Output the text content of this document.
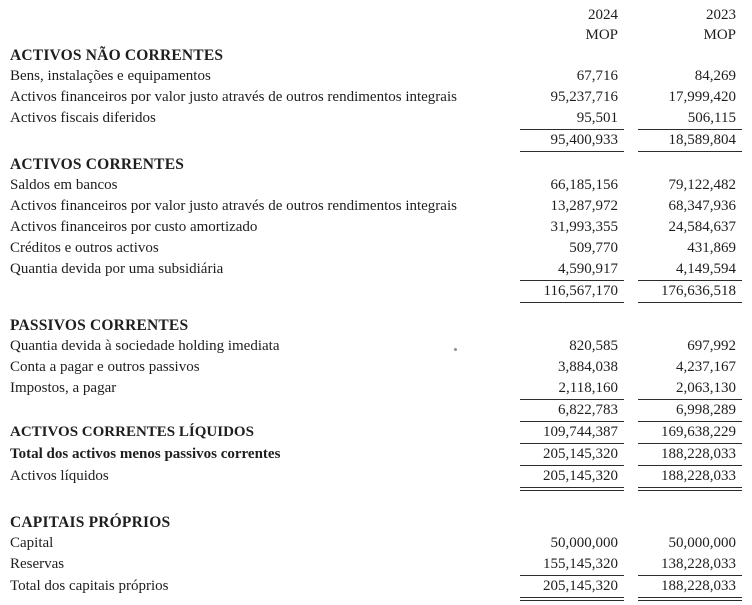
2024	2023
MOP	MOP
ACTIVOS NÃO CORRENTES
Bens, instalações e equipamentos	67,716	84,269
Activos financeiros por valor justo através de outros rendimentos integrais	95,237,716	17,999,420
Activos fiscais diferidos	95,501	506,115
95,400,933	18,589,804
ACTIVOS CORRENTES
Saldos em bancos	66,185,156	79,122,482
Activos financeiros por valor justo através de outros rendimentos integrais	13,287,972	68,347,936
Activos financeiros por custo amortizado	31,993,355	24,584,637
Créditos e outros activos	509,770	431,869
Quantia devida por uma subsidiária	4,590,917	4,149,594
116,567,170	176,636,518
PASSIVOS CORRENTES
Quantia devida à sociedade holding imediata	820,585	697,992
Conta a pagar e outros passivos	3,884,038	4,237,167
Impostos, a pagar	2,118,160	2,063,130
6,822,783	6,998,289
ACTIVOS CORRENTES LÍQUIDOS	109,744,387	169,638,229
Total dos activos menos passivos correntes	205,145,320	188,228,033
Activos líquidos	205,145,320	188,228,033
CAPITAIS PRÓPRIOS
Capital	50,000,000	50,000,000
Reservas	155,145,320	138,228,033
Total dos capitais próprios	205,145,320	188,228,033
